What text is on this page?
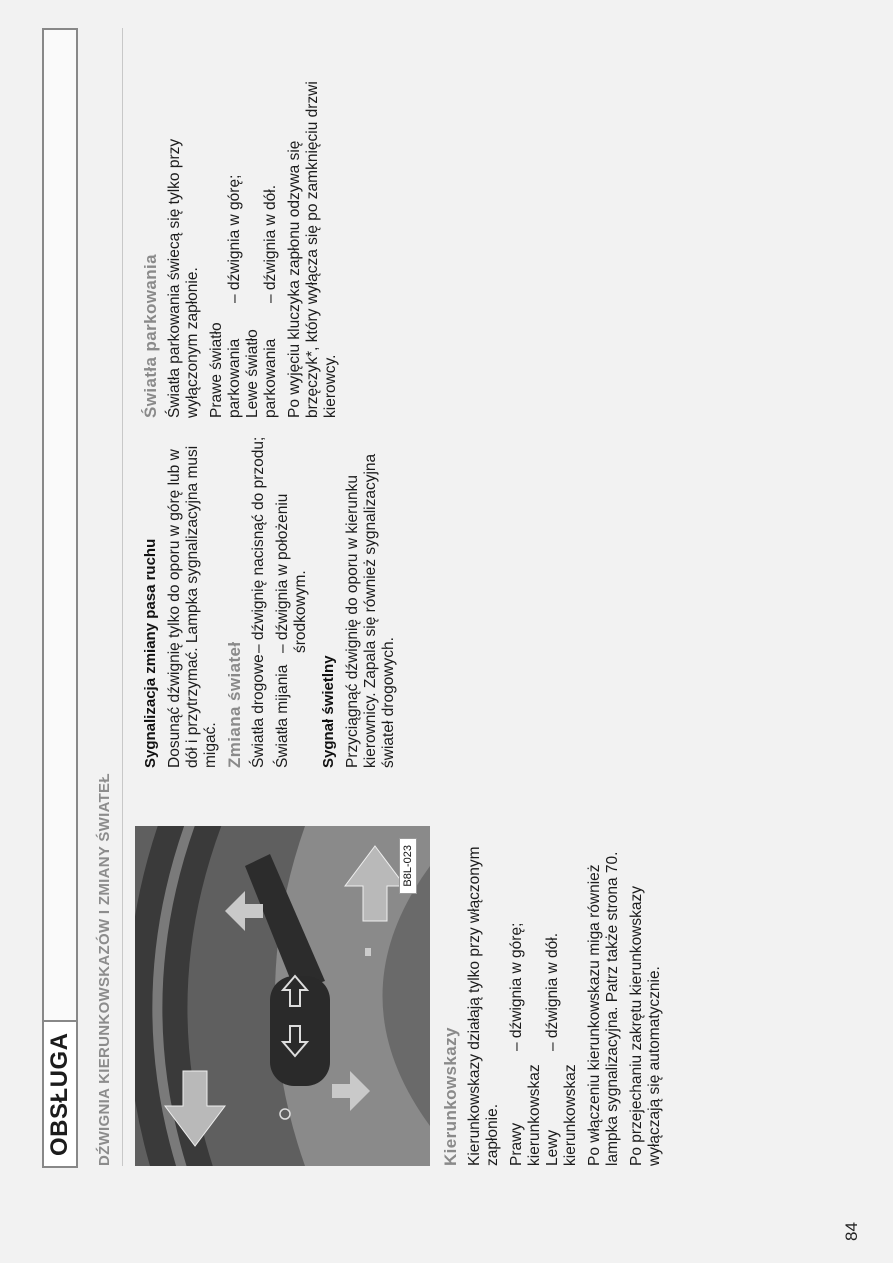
OBSŁUGA DŹWIGNIA KIERUNKOWSKAZÓW I ZMIANY ŚWIATEŁ	B8L-023

Kierunkowskazy Kierunkowskazy działają tylko przy włączonym zapłonie. Prawy kierunkowskaz
– dźwignia w górę;
Lewy kierunkowskaz
– dźwignia w dół.	Po włączeniu kierunkowskazu miga również lampka sygnalizacyjna. Patrz także strona 70. Po przejechaniu zakrętu kierunkowskazy wyłączają się automatycznie.

Sygnalizacja zmiany pasa ruchu Dosunąć dźwignię tylko do oporu w górę lub w dół i przytrzymać. Lampka sygnalizacyjna musi migać. Zmiana świateł Światła drogowe
– dźwignię nacisnąć do przodu;
Światła mijania
– dźwignia w położeniu środkowym.

Sygnał świetlny Przyciągnąć dźwignię do oporu w kierunku kierownicy. Zapala się również sygnalizacyjna świateł drogowych.

Światła parkowania Światła parkowania świecą się tylko przy wyłączonym zapłonie. Prawe światło parkowania
– dźwignia w górę;
Lewe światło parkowania
– dźwignia w dół. Po wyjęciu kluczyka zapłonu odzywa się brzęczyk*, który wyłącza się po zamknięciu drzwi kierowcy.

84
